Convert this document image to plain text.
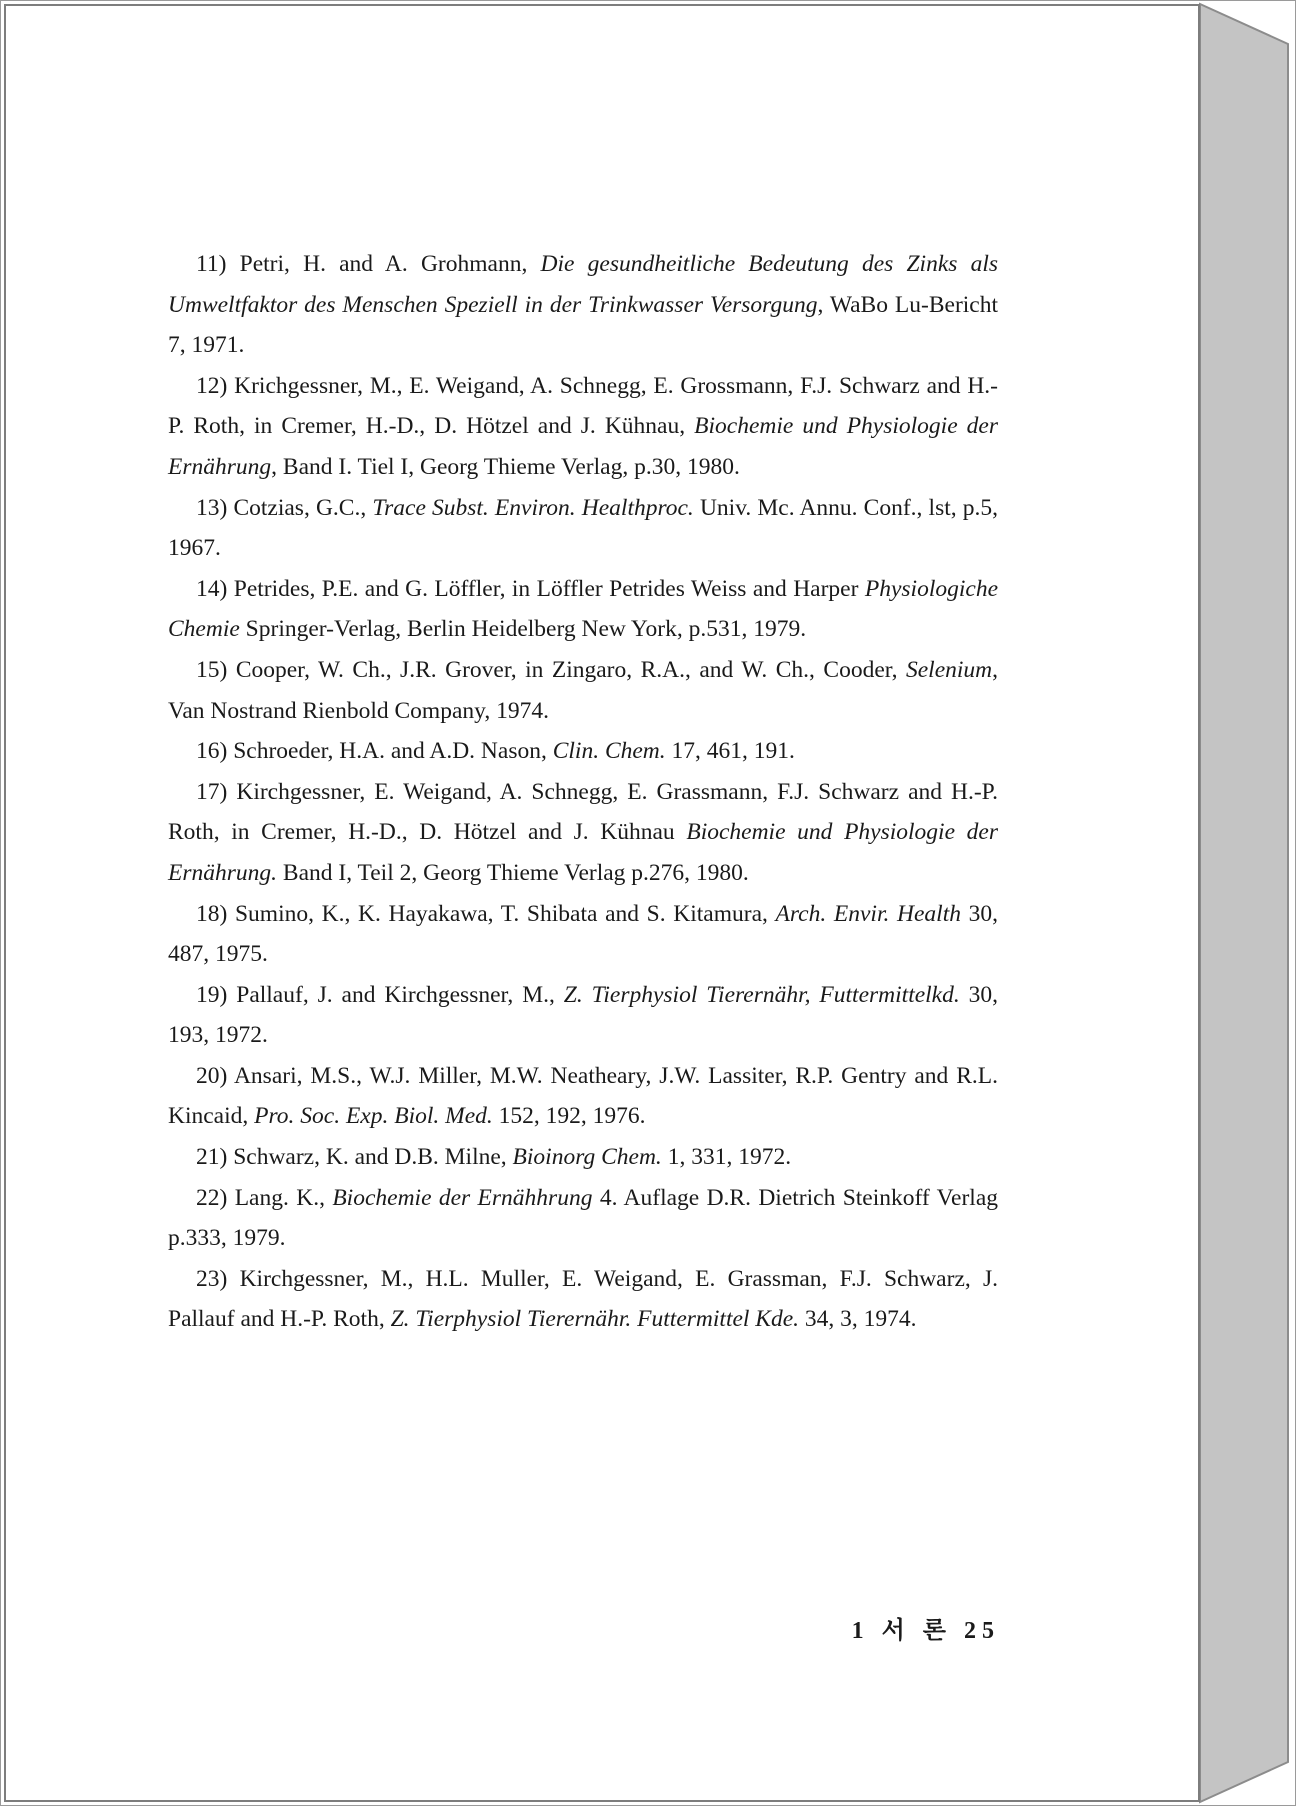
11) Petri, H. and A. Grohmann, Die gesundheitliche Bedeutung des Zinks als Umweltfaktor des Menschen Speziell in der Trinkwasser Versorgung, WaBo Lu-Bericht 7, 1971.

12) Krichgessner, M., E. Weigand, A. Schnegg, E. Grossmann, F.J. Schwarz and H.-P. Roth, in Cremer, H.-D., D. Hötzel and J. Kühnau, Biochemie und Physiologie der Ernährung, Band I. Tiel I, Georg Thieme Verlag, p.30, 1980.

13) Cotzias, G.C., Trace Subst. Environ. Healthproc. Univ. Mc. Annu. Conf., lst, p.5, 1967.

14) Petrides, P.E. and G. Löffler, in Löffler Petrides Weiss and Harper Physiologiche Chemie Springer-Verlag, Berlin Heidelberg New York, p.531, 1979.

15) Cooper, W. Ch., J.R. Grover, in Zingaro, R.A., and W. Ch., Cooder, Selenium, Van Nostrand Rienbold Company, 1974.

16) Schroeder, H.A. and A.D. Nason, Clin. Chem. 17, 461, 191.

17) Kirchgessner, E. Weigand, A. Schnegg, E. Grassmann, F.J. Schwarz and H.-P. Roth, in Cremer, H.-D., D. Hötzel and J. Kühnau Biochemie und Physiologie der Ernährung. Band I, Teil 2, Georg Thieme Verlag p.276, 1980.

18) Sumino, K., K. Hayakawa, T. Shibata and S. Kitamura, Arch. Envir. Health 30, 487, 1975.

19) Pallauf, J. and Kirchgessner, M., Z. Tierphysiol Tierernähr, Futtermittelkd. 30, 193, 1972.

20) Ansari, M.S., W.J. Miller, M.W. Neatheary, J.W. Lassiter, R.P. Gentry and R.L. Kincaid, Pro. Soc. Exp. Biol. Med. 152, 192, 1976.

21) Schwarz, K. and D.B. Milne, Bioinorg Chem. 1, 331, 1972.

22) Lang. K., Biochemie der Ernähhrung 4. Auflage D.R. Dietrich Steinkoff Verlag p.333, 1979.

23) Kirchgessner, M., H.L. Muller, E. Weigand, E. Grassman, F.J. Schwarz, J. Pallauf and H.-P. Roth, Z. Tierphysiol Tierernähr. Futtermittel Kde. 34, 3, 1974.

1 서 론 25
